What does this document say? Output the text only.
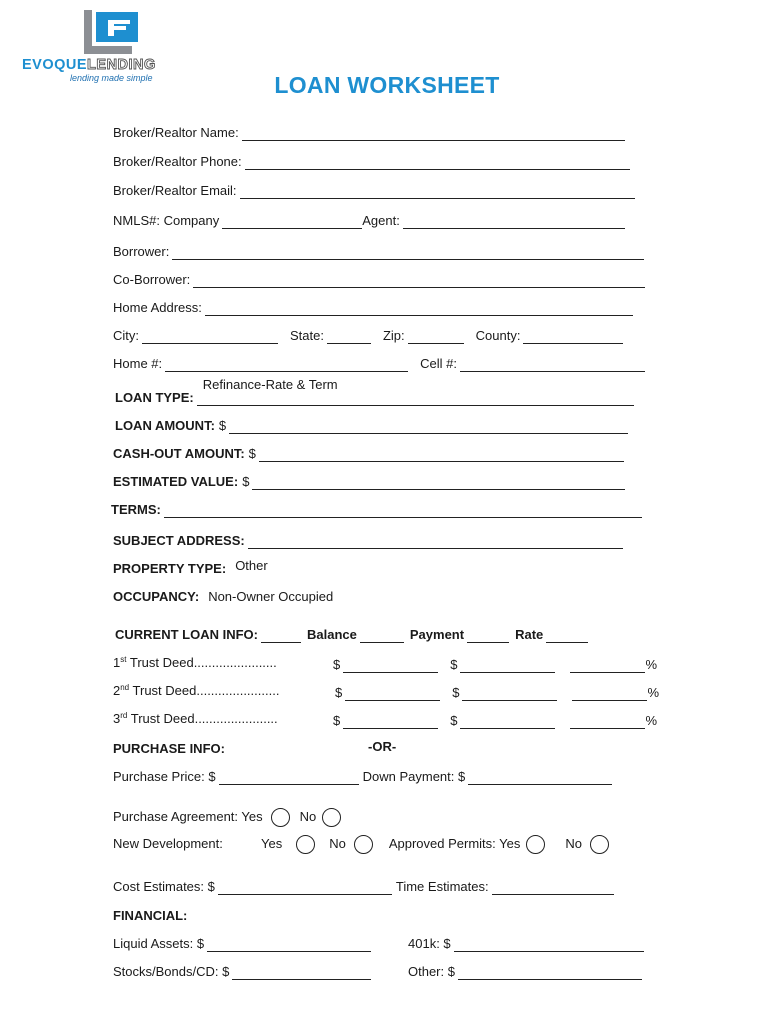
EVOQUELENDING
lending made simple	LOAN WORKSHEET
Broker/Realtor Name:
Broker/Realtor Phone:
Broker/Realtor Email:
NMLS#: Company	Agent:
Borrower:
Co-Borrower:
Home Address:
City:	State:	Zip:	County:
Home #:	Cell #:
LOAN TYPE:Refinance-Rate & Term
LOAN AMOUNT: $
CASH-OUT AMOUNT: $
ESTIMATED VALUE: $
TERMS:
SUBJECT ADDRESS:
PROPERTY TYPE: Other
OCCUPANCY: Non-Owner Occupied
CURRENT LOAN INFO:	Balance	Payment	Rate
1st Trust Deed.......................	$	$	%
2nd Trust Deed.......................	$	$	%
3rd Trust Deed.......................	$	$	%
PURCHASE INFO:	-OR-
Purchase Price: $	Down Payment: $
Purchase Agreement: Yes	No
New Development:	Yes	No	Approved Permits: Yes	No
Cost Estimates: $	Time Estimates:
FINANCIAL:
Liquid Assets: $	401k: $
Stocks/Bonds/CD: $	Other: $
